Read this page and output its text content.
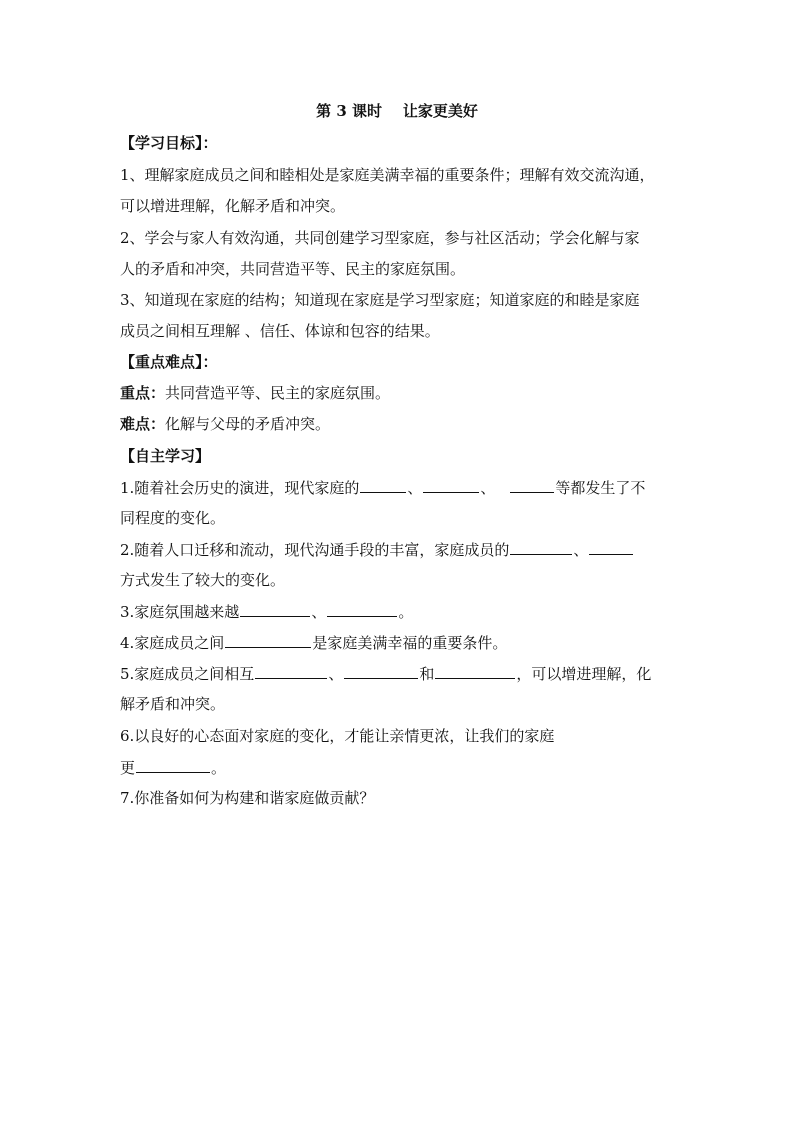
第 3 课时    让家更美好
【学习目标】：
1、理解家庭成员之间和睦相处是家庭美满幸福的重要条件；理解有效交流沟通，
可以增进理解，化解矛盾和冲突。
2、学会与家人有效沟通，共同创建学习型家庭，参与社区活动；学会化解与家
人的矛盾和冲突，共同营造平等、民主的家庭氛围。
3、知道现在家庭的结构；知道现在家庭是学习型家庭；知道家庭的和睦是家庭
成员之间相互理解 、信任、体谅和包容的结果。
【重点难点】：
重点：共同营造平等、民主的家庭氛围。
难点：化解与父母的矛盾冲突。
【自主学习】
1.随着社会历史的演进，现代家庭的	、	、	等都发生了不
同程度的变化。
2.随着人口迁移和流动，现代沟通手段的丰富，家庭成员的	、
方式发生了较大的变化。
3.家庭氛围越来越	、	。
4.家庭成员之间	是家庭美满幸福的重要条件。
5.家庭成员之间相互	、	和	，可以增进理解，化
解矛盾和冲突。
6.以良好的心态面对家庭的变化，才能让亲情更浓，让我们的家庭
更	。
7.你准备如何为构建和谐家庭做贡献？
